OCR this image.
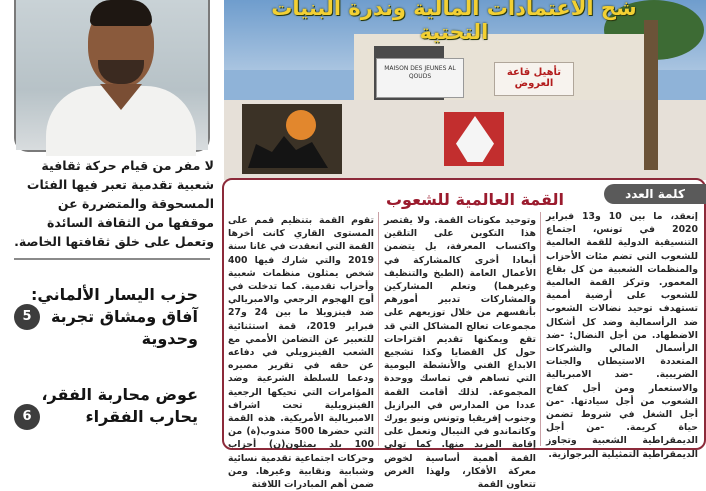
لا مفر من قيام حركة ثقافية شعبية تقدمية تعبر فيها الفئات المسحوقة والمتضررة عن موقفها من الثقافة السائدة وتعمل على خلق ثقافتها الخاصة.
حزب اليسار الألماني: آفاق ومشاق تجربة وحدوية
5
عوض محاربة الفقر، يحارب الفقراء
6
MAISON DES JEUNES AL QOUDS	تأهيل قاعة العروض
شح الاعتمادات المالية وندرة البنيات التحتية
كلمة العدد
القمة العالمية للشعوب
إنعقد، ما بين 10 و13 فبراير 2020 في تونس، اجتماع التنسيقية الدولية للقمة العالمية للشعوب التي تضم مئات الأحزاب والمنظمات الشعبية من كل بقاع المعمور. وتركز القمة العالمية للشعوب على أرضية أممية تستهدف توحيد نضالات الشعوب ضد الرأسمالية وضد كل أشكال الاضطهاد. من أجل النضال: -ضد الرأسمال المالي والشركات المتعددة الاستيطان والجنات الضريبية. -ضد الامبريالية والاستعمار ومن أجل كفاح الشعوب من أجل سيادتها. -من أجل الشغل في شروط تضمن حياة كريمة. -من أجل الديمقراطية الشعبية وتجاوز الديمقراطية التمثيلية البرجوازية.
وتوحيد مكونات القمة. ولا يقتصر هذا التكوين على التلقين واكتساب المعرفة، بل يتضمن أبعادا أخرى كالمشاركة في الأعمال العامة (الطبخ والتنظيف وغيرهما) وتعلم المشاركين والمشاركات تدبير أمورهم بأنفسهم من خلال توزيعهم على مجموعات تعالج المشاكل التي قد تقع ويمكنها تقديم اقتراحات حول كل القضايا وكذا تشجيع الابداع الفني والأنشطة اليومية التي تساهم في تماسك ووحدة المجموعة. لذلك أقامت القمة عددا من المدارس في البرازيل وجنوب إفريقيا وتونس ونيو يورك وكاتماندو في النيبال وتعمل على إقامة المزيد منها. كما تولي القمة أهمية أساسية لخوض معركة الأفكار، ولهذا الغرض تتعاون القمة
تقوم القمة بتنظيم قمم على المستوى القاري كانت أخرها القمة التي انعقدت في غانا سنة 2019 والتي شارك فيها 400 شخص يمثلون منظمات شعبية وأحزاب تقدمية. كما تدخلت في أوج الهجوم الرجعي والامبريالي ضد فينزويلا ما بين 24 و27 فبراير 2019، قمة استثنائية للتعبير عن التضامن الأممي مع الشعب الفينزويلي في دفاعه عن حقه في تقرير مصيره ودعما للسلطة الشرعية وضد المؤامرات التي تحيكها الرجعية الفينزويلية تحت اشراف الامبريالية الأمريكية. هذه القمة التي حضرها 500 مندوب(ة) من 100 بلد يمثلون(ن) أحزاب وحركات اجتماعية تقدمية نسائية وشبابية ونقابية وغيرها. ومن ضمن أهم المبادرات اللافتة
